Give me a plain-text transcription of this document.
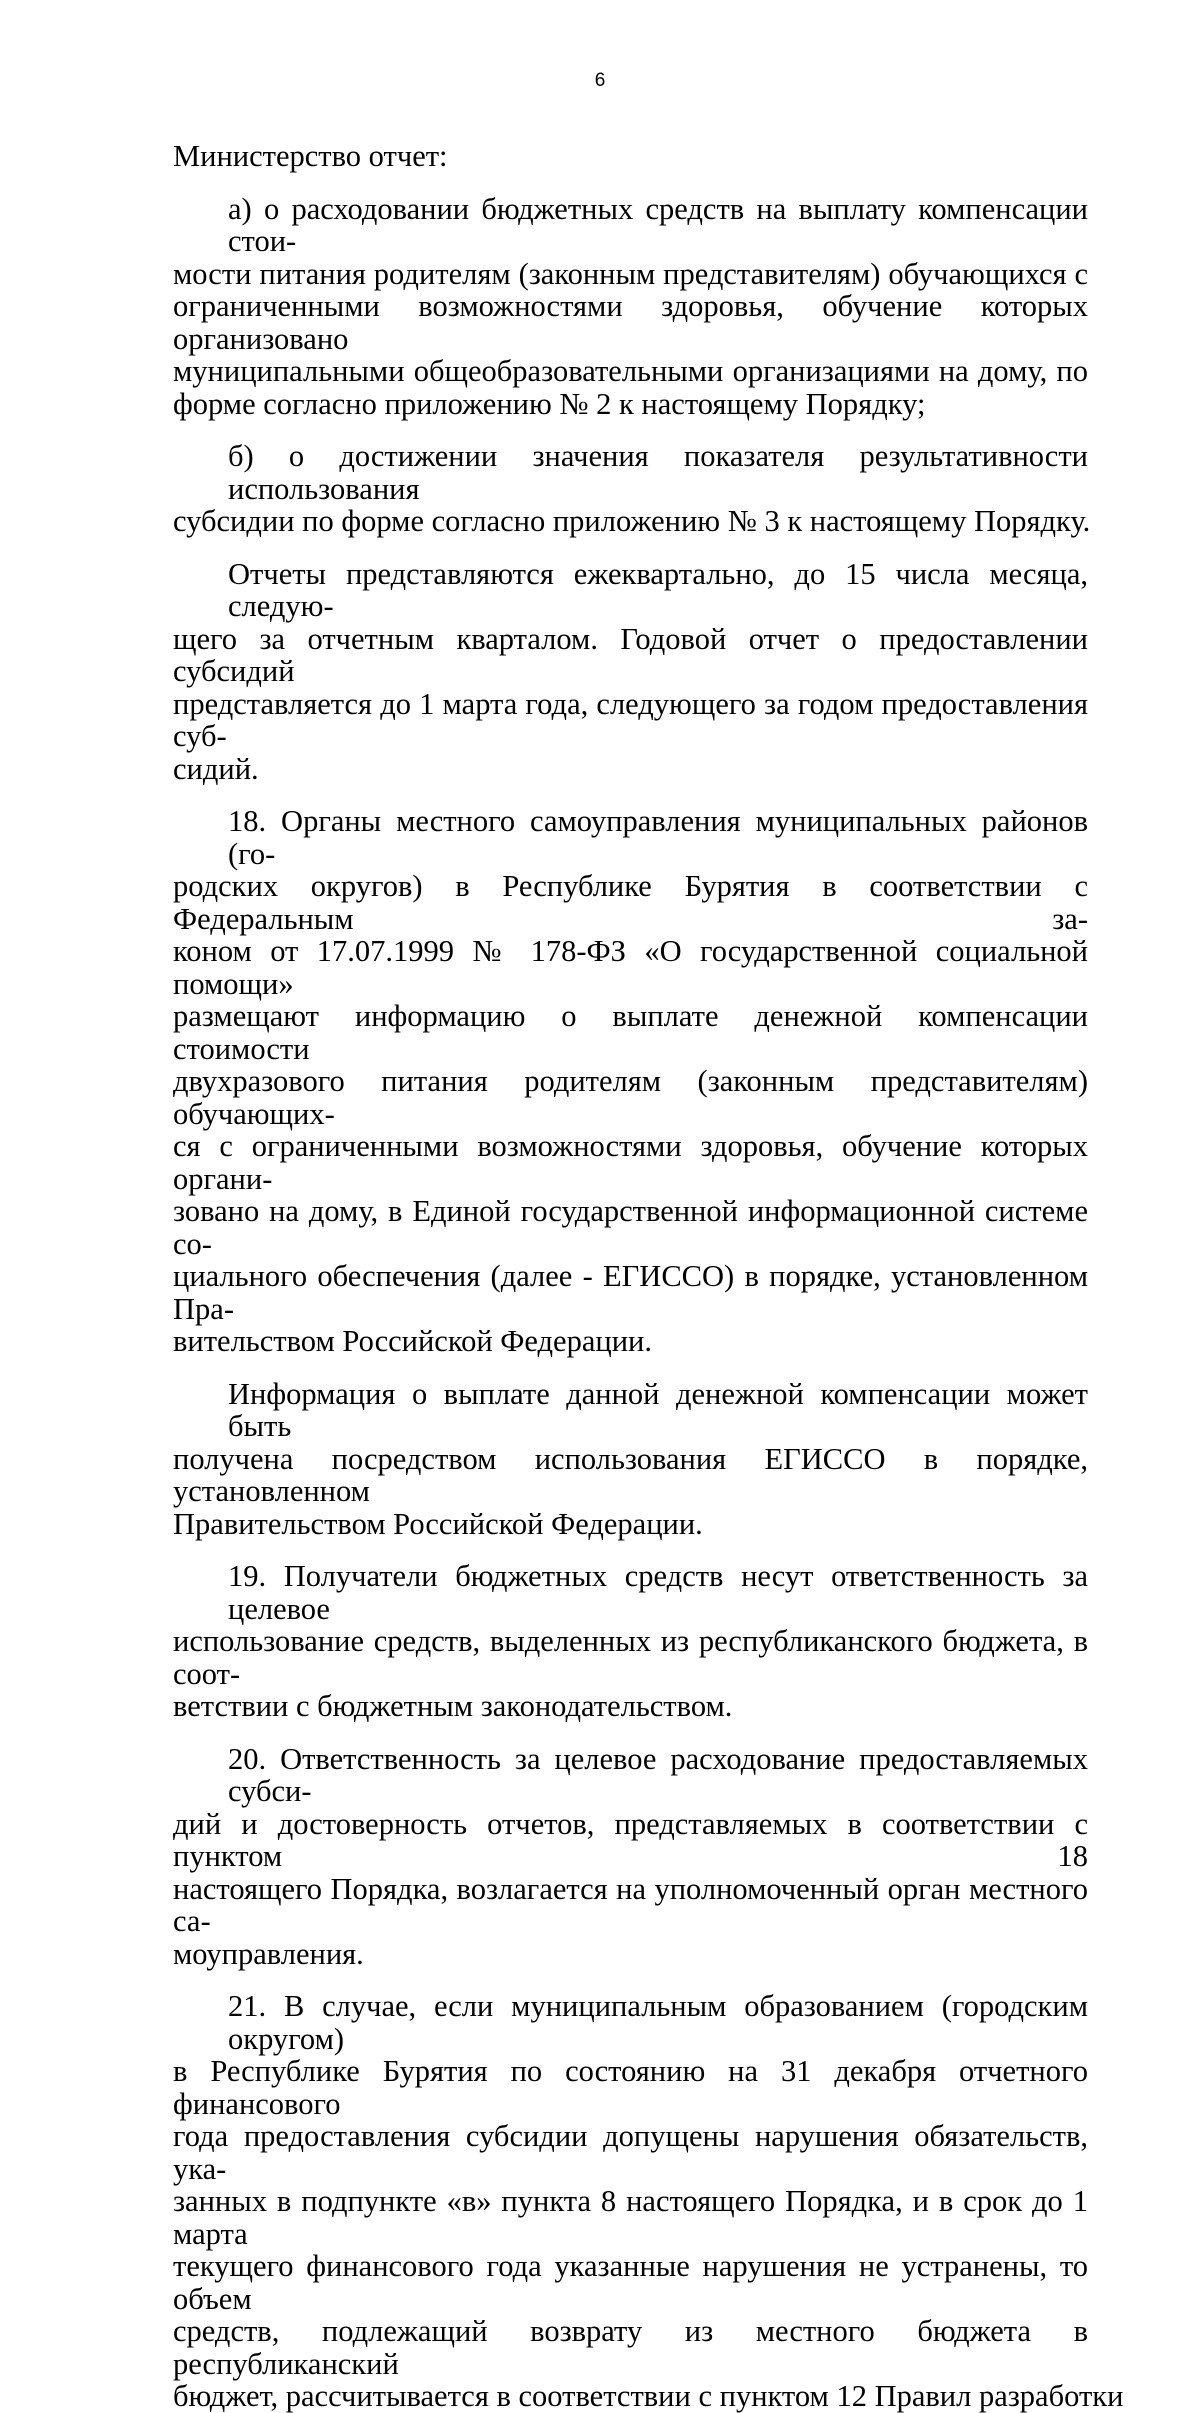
6
Министерство отчет:
а) о расходовании бюджетных средств на выплату компенсации стои-
мости питания родителям (законным представителям) обучающихся с
ограниченными возможностями здоровья, обучение которых организовано
муниципальными общеобразовательными организациями на дому, по
форме согласно приложению № 2 к настоящему Порядку;
б) о достижении значения показателя результативности использования
субсидии по форме согласно приложению № 3 к настоящему Порядку.
Отчеты представляются ежеквартально, до 15 числа месяца, следую-
щего за отчетным кварталом. Годовой отчет о предоставлении субсидий
представляется до 1 марта года, следующего за годом предоставления суб-
сидий.
18. Органы местного самоуправления муниципальных районов (го-
родских округов) в Республике Бурятия в соответствии с Федеральным за-
коном от 17.07.1999 № 178-ФЗ «О государственной социальной помощи»
размещают информацию о выплате денежной компенсации стоимости
двухразового питания родителям (законным представителям) обучающих-
ся с ограниченными возможностями здоровья, обучение которых органи-
зовано на дому, в Единой государственной информационной системе со-
циального обеспечения (далее - ЕГИССО) в порядке, установленном Пра-
вительством Российской Федерации.
Информация о выплате данной денежной компенсации может быть
получена посредством использования ЕГИССО в порядке, установленном
Правительством Российской Федерации.
19. Получатели бюджетных средств несут ответственность за целевое
использование средств, выделенных из республиканского бюджета, в соот-
ветствии с бюджетным законодательством.
20. Ответственность за целевое расходование предоставляемых субси-
дий и достоверность отчетов, представляемых в соответствии с пунктом 18
настоящего Порядка, возлагается на уполномоченный орган местного са-
моуправления.
21. В случае, если муниципальным образованием (городским округом)
в Республике Бурятия по состоянию на 31 декабря отчетного финансового
года предоставления субсидии допущены нарушения обязательств, ука-
занных в подпункте «в» пункта 8 настоящего Порядка, и в срок до 1 марта
текущего финансового года указанные нарушения не устранены, то объем
средств, подлежащий возврату из местного бюджета в республиканский
бюджет, рассчитывается в соответствии с пунктом 12 Правил разработки
